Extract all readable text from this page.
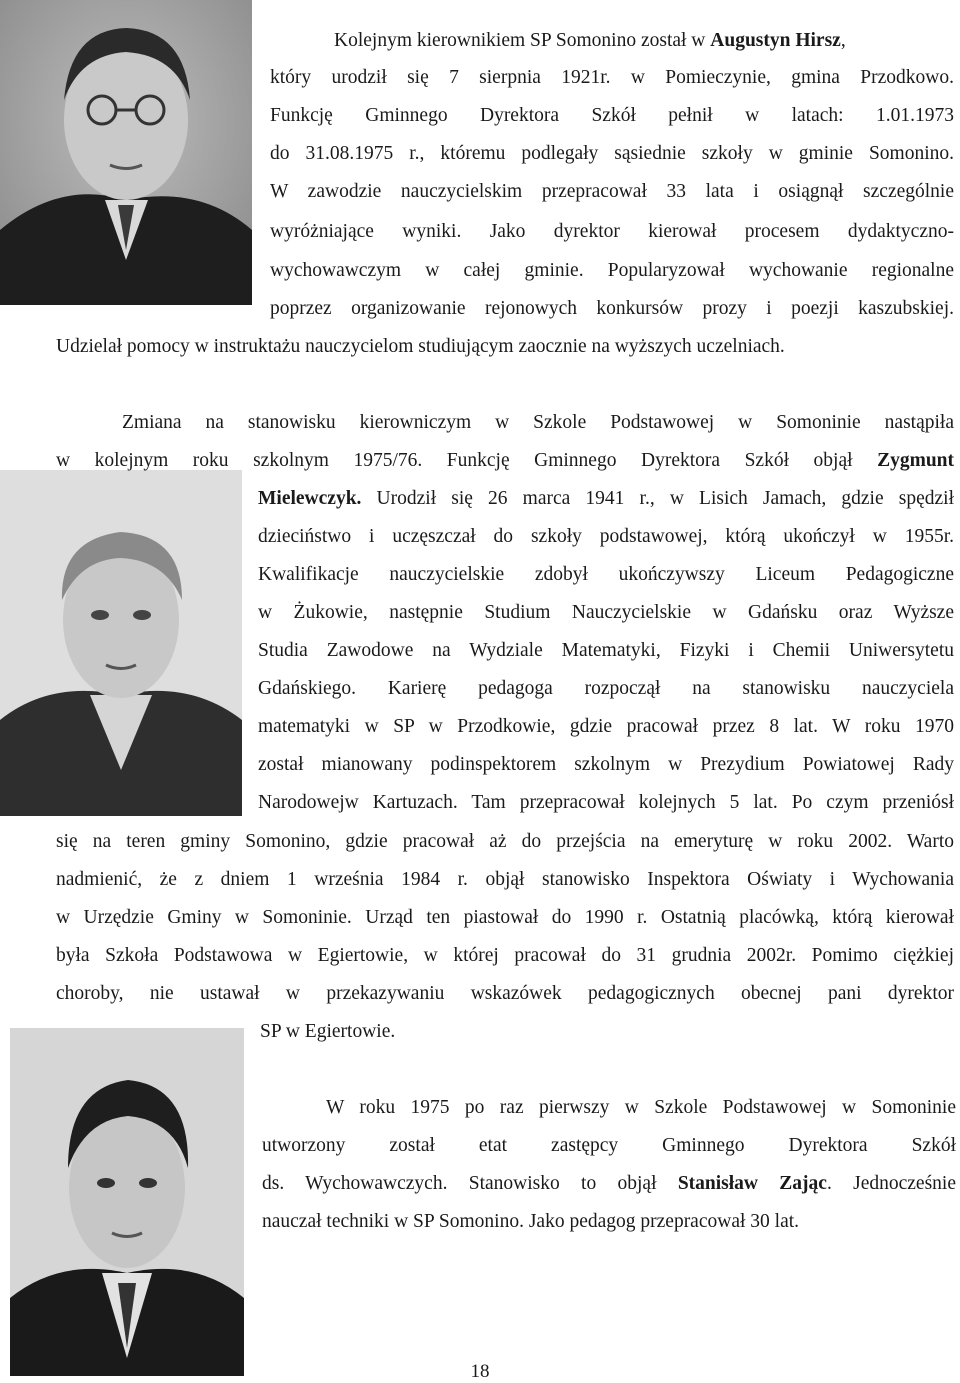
Kolejnym kierownikiem SP Somonino został w Augustyn Hirsz,
który urodził się 7 sierpnia 1921r. w Pomieczynie, gmina Przodkowo.
Funkcję Gminnego Dyrektora Szkół pełnił w latach: 1.01.1973
do 31.08.1975 r., któremu podlegały sąsiednie szkoły w gminie Somonino.
W zawodzie nauczycielskim przepracował 33 lata i osiągnął szczególnie
wyróżniające wyniki. Jako dyrektor kierował procesem dydaktyczno-
wychowawczym w całej gminie. Popularyzował wychowanie regionalne
poprzez organizowanie rejonowych konkursów prozy i poezji kaszubskiej.
Udzielał pomocy w instruktażu nauczycielom studiującym zaocznie na wyższych uczelniach.
Zmiana na stanowisku kierowniczym w Szkole Podstawowej w Somoninie nastąpiła
w kolejnym roku szkolnym 1975/76. Funkcję Gminnego Dyrektora Szkół objął Zygmunt
Mielewczyk. Urodził się 26 marca 1941 r., w Lisich Jamach, gdzie spędził
dzieciństwo i uczęszczał do szkoły podstawowej, którą ukończył w 1955r.
Kwalifikacje nauczycielskie zdobył ukończywszy Liceum Pedagogiczne
w Żukowie, następnie Studium Nauczycielskie w Gdańsku oraz Wyższe
Studia Zawodowe na Wydziale Matematyki, Fizyki i Chemii Uniwersytetu
Gdańskiego. Karierę pedagoga rozpoczął na stanowisku nauczyciela
matematyki w SP w Przodkowie, gdzie pracował przez 8 lat. W roku 1970
został mianowany podinspektorem szkolnym w Prezydium Powiatowej Rady
Narodowejw Kartuzach. Tam przepracował kolejnych 5 lat. Po czym przeniósł
się na teren gminy Somonino, gdzie pracował aż do przejścia na emeryturę w roku 2002. Warto
nadmienić, że z dniem 1 września 1984 r. objął stanowisko Inspektora Oświaty i Wychowania
w Urzędzie Gminy w Somoninie. Urząd ten piastował do 1990 r. Ostatnią placówką, którą kierował
była Szkoła Podstawowa w Egiertowie, w której pracował do 31 grudnia 2002r. Pomimo ciężkiej
choroby, nie ustawał w przekazywaniu wskazówek pedagogicznych obecnej pani dyrektor
SP w Egiertowie.
W roku 1975 po raz pierwszy w Szkole Podstawowej w Somoninie
utworzony został etat zastępcy Gminnego Dyrektora Szkół
ds. Wychowawczych. Stanowisko to objął Stanisław Zając. Jednocześnie
nauczał techniki w SP Somonino. Jako pedagog przepracował 30 lat.
18
